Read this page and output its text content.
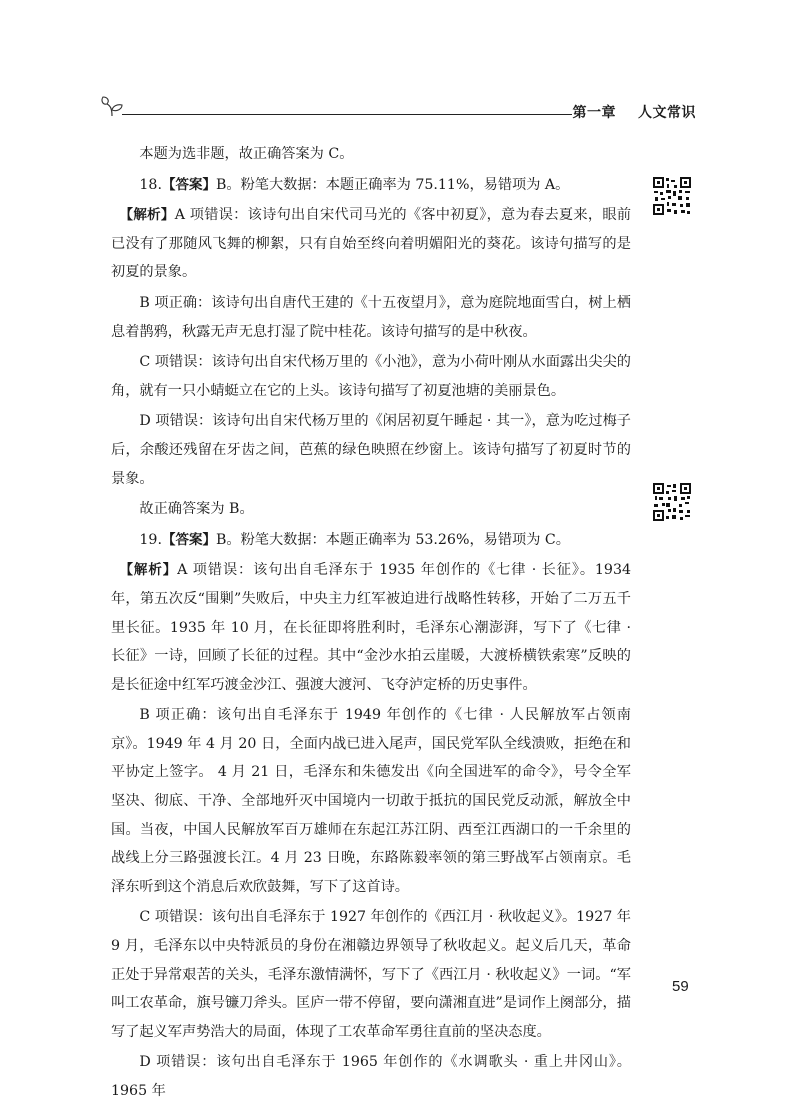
第一章 人文常识

本题为选非题，故正确答案为 C。

18.【答案】B。粉笔大数据：本题正确率为 75.11%，易错项为 A。

【解析】A 项错误：该诗句出自宋代司马光的《客中初夏》，意为春去夏来，眼前已没有了那随风飞舞的柳絮，只有自始至终向着明媚阳光的葵花。该诗句描写的是初夏的景象。

B 项正确：该诗句出自唐代王建的《十五夜望月》，意为庭院地面雪白，树上栖息着鹊鸦，秋露无声无息打湿了院中桂花。该诗句描写的是中秋夜。

C 项错误：该诗句出自宋代杨万里的《小池》，意为小荷叶刚从水面露出尖尖的角，就有一只小蜻蜓立在它的上头。该诗句描写了初夏池塘的美丽景色。

D 项错误：该诗句出自宋代杨万里的《闲居初夏午睡起 · 其一》，意为吃过梅子后，余酸还残留在牙齿之间，芭蕉的绿色映照在纱窗上。该诗句描写了初夏时节的景象。

故正确答案为 B。

19.【答案】B。粉笔大数据：本题正确率为 53.26%，易错项为 C。

【解析】A 项错误：该句出自毛泽东于 1935 年创作的《七律 · 长征》。1934 年，第五次反“围剿”失败后，中央主力红军被迫进行战略性转移，开始了二万五千里长征。1935 年 10 月，在长征即将胜利时，毛泽东心潮澎湃，写下了《七律 · 长征》一诗，回顾了长征的过程。其中“金沙水拍云崖暖，大渡桥横铁索寒”反映的是长征途中红军巧渡金沙江、强渡大渡河、飞夺泸定桥的历史事件。

B 项正确：该句出自毛泽东于 1949 年创作的《七律 · 人民解放军占领南京》。1949 年 4 月 20 日，全面内战已进入尾声，国民党军队全线溃败，拒绝在和平协定上签字。 4 月 21 日，毛泽东和朱德发出《向全国进军的命令》，号令全军坚决、彻底、干净、全部地歼灭中国境内一切敢于抵抗的国民党反动派，解放全中国。当夜，中国人民解放军百万雄师在东起江苏江阴、西至江西湖口的一千余里的战线上分三路强渡长江。4 月 23 日晚，东路陈毅率领的第三野战军占领南京。毛泽东听到这个消息后欢欣鼓舞，写下了这首诗。

C 项错误：该句出自毛泽东于 1927 年创作的《西江月 · 秋收起义》。1927 年 9 月，毛泽东以中央特派员的身份在湘赣边界领导了秋收起义。起义后几天，革命正处于异常艰苦的关头，毛泽东激情满怀，写下了《西江月 · 秋收起义》一词。“军叫工农革命，旗号镰刀斧头。匡庐一带不停留，要向潇湘直进”是词作上阕部分，描写了起义军声势浩大的局面，体现了工农革命军勇往直前的坚决态度。

D 项错误：该句出自毛泽东于 1965 年创作的《水调歌头 · 重上井冈山》。1965 年

59
